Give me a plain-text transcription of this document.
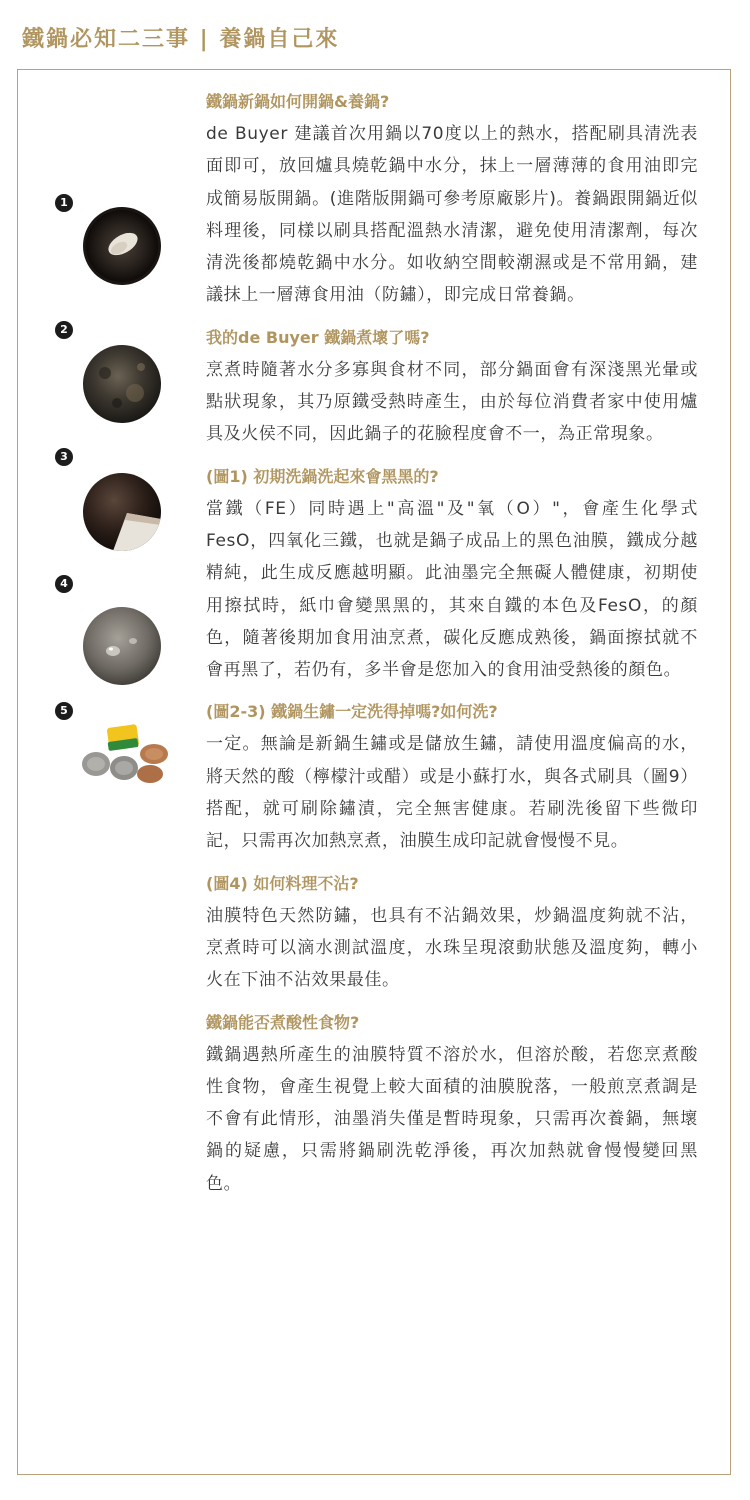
鐵鍋必知二三事 | 養鍋自己來
1
2
3
4
5
鐵鍋新鍋如何開鍋&養鍋?

de Buyer 建議首次用鍋以70度以上的熱水，搭配刷具清洗表面即可，放回爐具燒乾鍋中水分，抹上一層薄薄的食用油即完成簡易版開鍋。(進階版開鍋可參考原廠影片)。養鍋跟開鍋近似料理後，同樣以刷具搭配溫熱水清潔，避免使用清潔劑，每次清洗後都燒乾鍋中水分。如收納空間較潮濕或是不常用鍋，建議抹上一層薄食用油（防鏽），即完成日常養鍋。

我的de Buyer 鐵鍋煮壞了嗎?

烹煮時隨著水分多寡與食材不同，部分鍋面會有深淺黑光暈或點狀現象，其乃原鐵受熱時產生，由於每位消費者家中使用爐具及火侯不同，因此鍋子的花臉程度會不一，為正常現象。

(圖1) 初期洗鍋洗起來會黑黑的?

當鐵（FE）同時遇上"高溫"及"氧（O）"，會產生化學式FesO，四氧化三鐵，也就是鍋子成品上的黑色油膜，鐵成分越精純，此生成反應越明顯。此油墨完全無礙人體健康，初期使用擦拭時，紙巾會變黑黑的，其來自鐵的本色及FesO，的顏色，隨著後期加食用油烹煮，碳化反應成熟後，鍋面擦拭就不會再黑了，若仍有，多半會是您加入的食用油受熱後的顏色。

(圖2-3) 鐵鍋生鏽一定洗得掉嗎?如何洗?

一定。無論是新鍋生鏽或是儲放生鏽，請使用溫度偏高的水，將天然的酸（檸檬汁或醋）或是小蘇打水，與各式刷具（圖9）搭配，就可刷除鏽漬，完全無害健康。若刷洗後留下些微印記，只需再次加熱烹煮，油膜生成印記就會慢慢不見。

(圖4) 如何料理不沾?

油膜特色天然防鏽，也具有不沾鍋效果，炒鍋溫度夠就不沾，烹煮時可以滴水測試溫度，水珠呈現滾動狀態及溫度夠，轉小火在下油不沾效果最佳。

鐵鍋能否煮酸性食物?

鐵鍋遇熱所產生的油膜特質不溶於水，但溶於酸，若您烹煮酸性食物，會產生視覺上較大面積的油膜脫落，一般煎烹煮調是不會有此情形，油墨消失僅是暫時現象，只需再次養鍋，無壞鍋的疑慮，只需將鍋刷洗乾淨後，再次加熱就會慢慢變回黑色。
